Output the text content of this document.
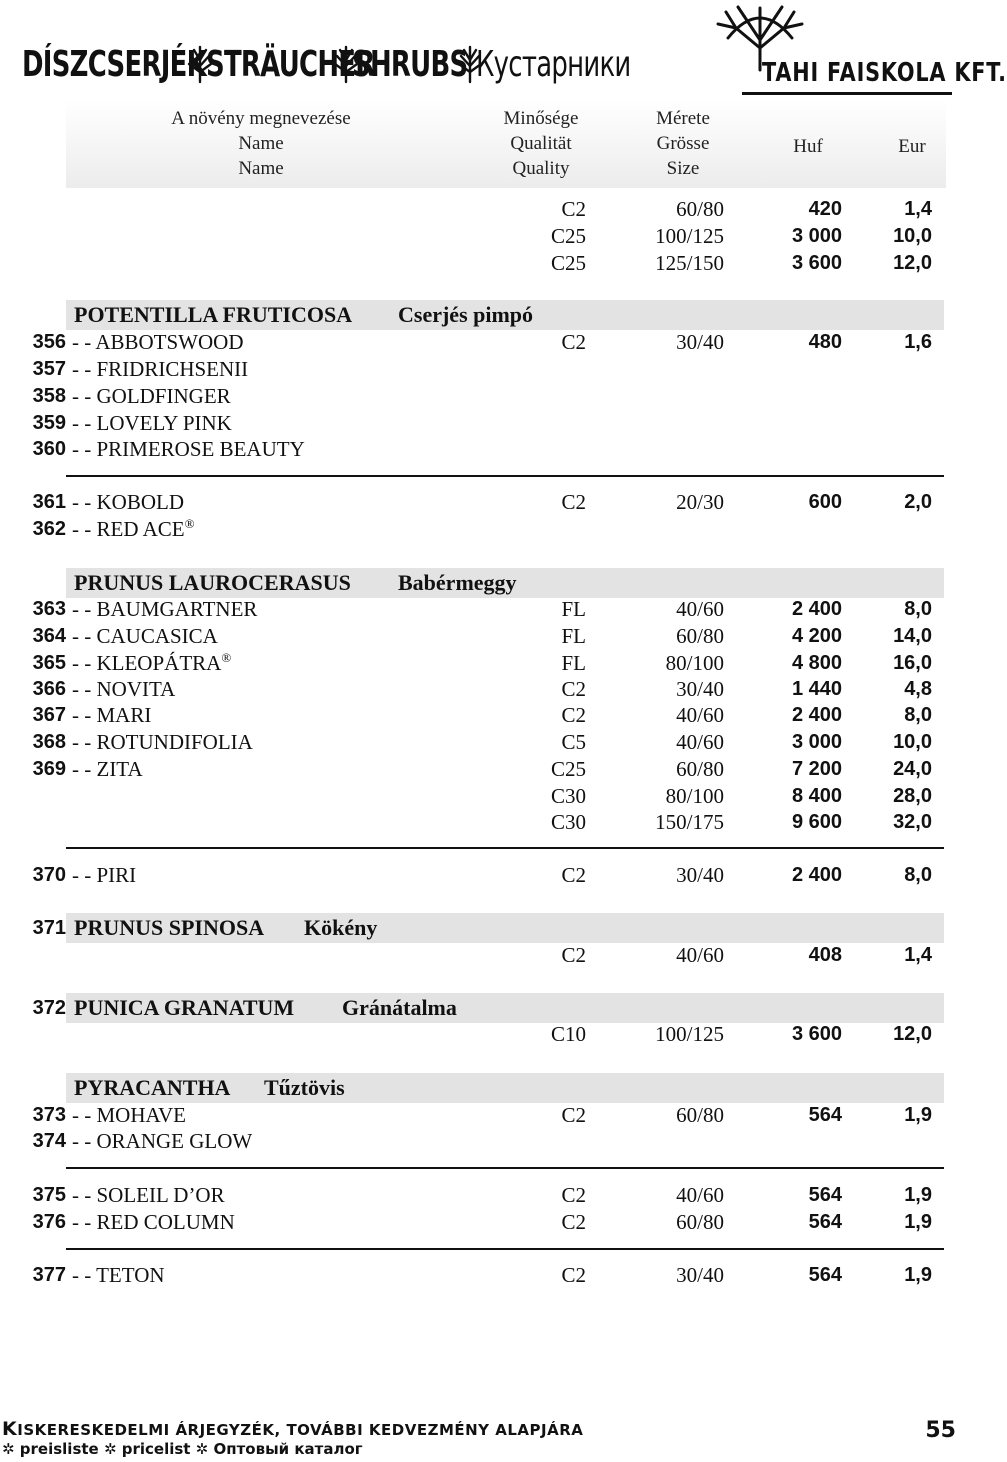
DÍSZCSERJÉK STRÄUCHER
SHRUBS Кустарники	TAHI FAISKOLA KFT.
A növény megnevezése
Name
Name
Minősége
Qualität
Quality
Mérete
Grösse
Size
Huf	Eur
C2	60/80	420	1,4
C25	100/125	3 000	10,0
C25	125/150	3 600	12,0
POTENTILLA FRUTICOSA Cserjés pimpó
356 - - ABBOTSWOOD	C2	30/40	480	1,6
357 - - FRIDRICHSENII
358 - - GOLDFINGER
359 - - LOVELY PINK
360 - - PRIMEROSE BEAUTY
361 - - KOBOLD	C2	20/30	600	2,0
362 - - RED ACE®
PRUNUS LAUROCERASUS Babérmeggy
363 - - BAUMGARTNER	FL	40/60	2 400	8,0
364 - - CAUCASICA	FL	60/80	4 200	14,0
365 - - KLEOPÁTRA®	FL	80/100	4 800	16,0
366 - - NOVITA	C2	30/40	1 440	4,8
367 - - MARI	C2	40/60	2 400	8,0
368 - - ROTUNDIFOLIA	C5	40/60	3 000	10,0
369 - - ZITA	C25	60/80	7 200	24,0
C30	80/100	8 400	28,0
C30	150/175	9 600	32,0
370 - - PIRI	C2	30/40	2 400	8,0
371 PRUNUS SPINOSA Kökény
C2	40/60	408	1,4
372 PUNICA GRANATUM Gránátalma
C10	100/125	3 600	12,0
PYRACANTHA Tűztövis
373 - - MOHAVE	C2	60/80	564	1,9
374 - - ORANGE GLOW
375 - - SOLEIL D’OR	C2	40/60	564	1,9
376 - - RED COLUMN	C2	60/80	564	1,9
377 - - TETON	C2	30/40	564	1,9
KISKERESKEDELMI ÁRJEGYZÉK, TOVÁBBI KEDVEZMÉNY ALAPJÁRA
✲ preisliste ✲ pricelist ✲ Оптовый каталог
55
